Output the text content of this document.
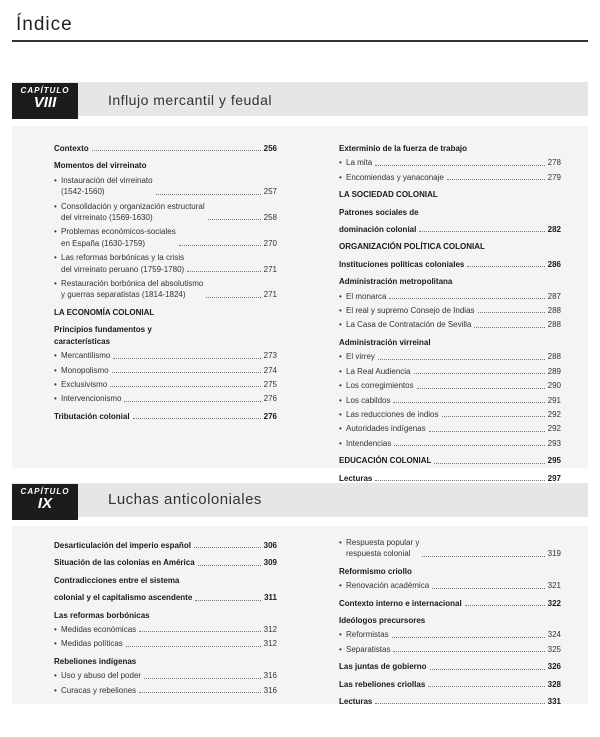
Índice
CAPÍTULO
VIII	Influjo mercantil y feudal
Contexto	256
Momentos del virreinato
• Instauración del virreinato
(1542-1560)	257
• Consolidación y organización estructural
del virreinato (1569-1630)	258
• Problemas económicos-sociales
en España (1630-1759)	270
• Las reformas borbónicas y la crisis
del virreinato peruano (1759-1780)	271
• Restauración borbónica del absolutismo
y guerras separatistas (1814-1824)	271
LA ECONOMÍA COLONIAL
Principios fundamentos y
características
• Mercantilismo	273
• Monopolismo	274
• Exclusivismo	275
• Intervencionismo	276
Tributación colonial	276
Exterminio de la fuerza de trabajo
• La mita	278
• Encomiendas y yanaconaje	279
LA SOCIEDAD COLONIAL
Patrones sociales de
dominación colonial	282
ORGANIZACIÓN POLÍTICA COLONIAL
Instituciones políticas coloniales	286
Administración metropolitana
• El monarca	287
• El real y supremo Consejo de Indias	288
• La Casa de Contratación de Sevilla	288
Administración virreinal
• El virrey	288
• La Real Audiencia	289
• Los corregimientos	290
• Los cabildos	291
• Las reducciones de indios	292
• Autoridades indígenas	292
• Intendencias	293
EDUCACIÓN COLONIAL	295
Lecturas	297
CAPÍTULO
IX	Luchas anticoloniales
Desarticulación del imperio español	306
Situación de las colonias en América	309
Contradicciones entre el sistema
colonial y el capitalismo ascendente	311
Las reformas borbónicas
• Medidas económicas	312
• Medidas políticas	312
Rebeliones indígenas
• Uso y abuso del poder	316
• Curacas y rebeliones	316
• Respuesta popular y
respuesta colonial	319
Reformismo criollo
• Renovación académica	321
Contexto interno e internacional	322
Ideólogos precursores
• Reformistas	324
• Separatistas	325
Las juntas de gobierno	326
Las rebeliones criollas	328
Lecturas	331
